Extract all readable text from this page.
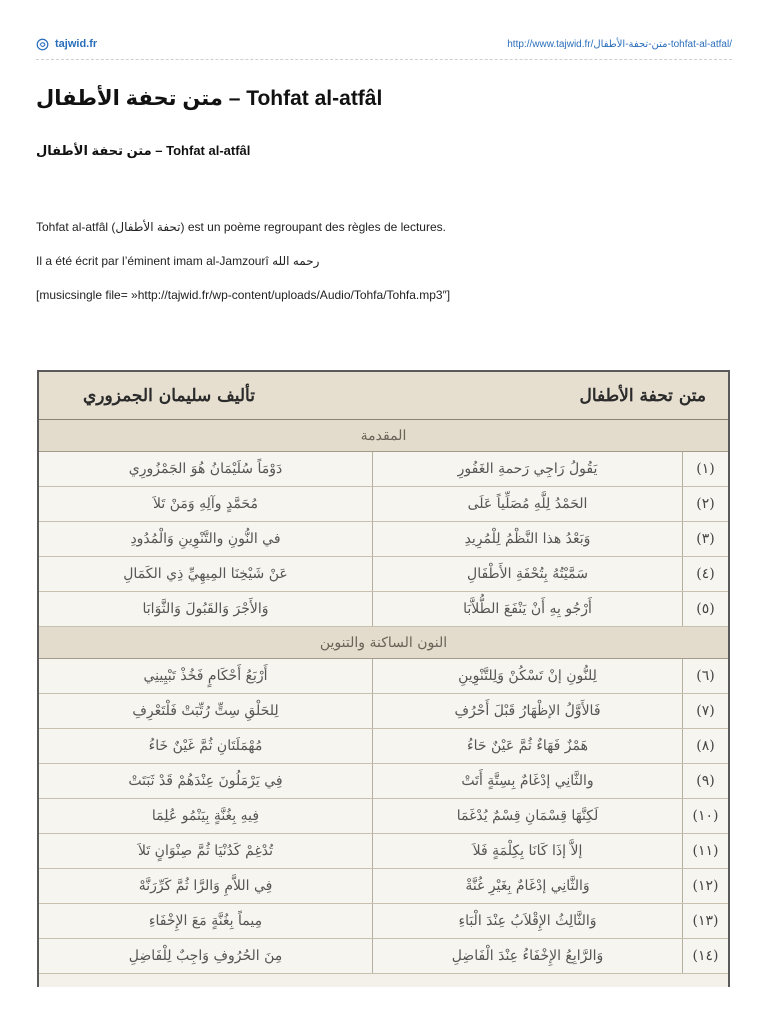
tajwid.fr	http://www.tajwid.fr/متن-تحفة-الأطفال-tohfat-al-atfal/
متن تحفة الأطفال – Tohfat al-atfâl
متن تحفة الأطفال – Tohfat al-atfâl

Tohfat al-atfâl (تحفة الأطفال) est un poème regroupant des règles de lectures.

Il a été écrit par l’éminent imam al-Jamzourî رحمه الله

[musicsingle file= »http://tajwid.fr/wp-content/uploads/Audio/Tohfa/Tohfa.mp3″]

تأليف سليمان الجمزوري	متن تحفة الأطفال
المقدمة
دَوْمَاً سُلَيْمَانُ هُوَ الجَمْزُورِي	يَقُولُ رَاجِي رَحمةِ الغَفُورِ	(١)
مُحَمَّدٍ وآلِهِ وَمَنْ تَلاَ	الحَمْدُ لِلَّهِ مُصَلِّياً عَلَى	(٢)
في النُّونِ والتَّنْوِينِ وَالْمُدُودِ	وَبَعْدُ هذا النَّظْمُ لِلْمُرِيدِ	(٣)
عَنْ شَيْخِنَا المِيهِيِّ ذِي الكَمَالِ	سَمَّيْتُهُ بِتُحْفَةِ الأَطْفَالِ	(٤)
وَالأَجْرَ وَالقَبُولَ وَالثَّوَابَا	أَرْجُو بِهِ أَنْ يَنْفَعَ الطُّلاَّبَا	(٥)
النون الساكنة والتنوين
أَرْبَعُ أَحْكَامٍ فَخُذْ تَبْيِينِي	لِلنُّونِ إنْ تَسْكُنْ وَلِلتَّنْوِينِ	(٦)
لِلحَلْقِ سِتٍّ رُتِّبَتْ فَلْتَعْرِفِ	فَالأَوَّلُ الإظْهَارُ قَبْلَ أَحْرُفِ	(٧)
مُهْمَلَتَانِ ثُمَّ غَيْنٌ خَاءُ	هَمْزٌ فَهَاءٌ ثُمَّ عَيْنٌ حَاءُ	(٨)
فِي يَرْمَلُونَ عِنْدَهُمْ قَدْ ثَبَتَتْ	والثَّانِي إدْغَامٌ بِسِتَّةٍ أَتَتْ	(٩)
فِيهِ بِغُنَّةٍ بِيَنْمُو عُلِمَا	لَكِنَّهَا قِسْمَانِ قِسْمٌ يُدْغَمَا	(١٠)
تُدْغِمْ كَدُنْيَا ثُمَّ صِنْوَانٍ تَلاَ	إلاَّ إذَا كَانَا بِكِلْمَةٍ فَلاَ	(١١)
فِي اللاَّمِ وَالرَّا ثُمَّ كَرِّرَنَّهْ	وَالثَّانِي إدْغَامٌ بِغَيْرِ غُنَّةْ	(١٢)
مِيماً بِغُنَّةٍ مَعَ الإِخْفَاءِ	وَالثَّالِثُ الإِقْلاَبُ عِنْدَ الْبَاءِ	(١٣)
مِنَ الحُرُوفِ وَاجِبٌ لِلْفَاضِلِ	وَالرَّابِعُ الإِخْفَاءُ عِنْدَ الْفَاضِلِ	(١٤)
